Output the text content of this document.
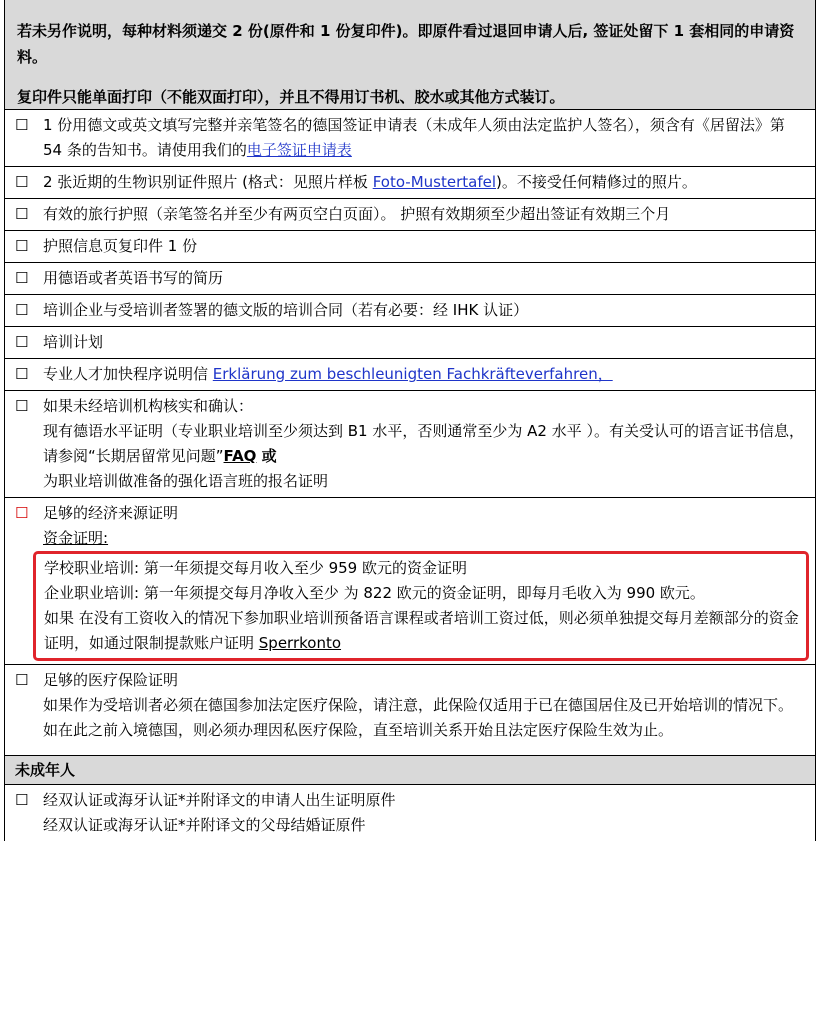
若未另作说明，每种材料须递交 2 份(原件和 1 份复印件)。即原件看过退回申请人后, 签证处留下 1 套相同的申请资料。

复印件只能单面打印（不能双面打印），并且不得用订书机、胶水或其他方式装订。

☐ 1 份用德文或英文填写完整并亲笔签名的德国签证申请表（未成年人须由法定监护人签名），须含有《居留法》第 54 条的告知书。请使用我们的电子签证申请表
☐ 2 张近期的生物识别证件照片 (格式：见照片样板 Foto-Mustertafel)。不接受任何精修过的照片。
☐ 有效的旅行护照（亲笔签名并至少有两页空白页面）。 护照有效期须至少超出签证有效期三个月
☐ 护照信息页复印件 1 份
☐ 用德语或者英语书写的简历
☐ 培训企业与受培训者签署的德文版的培训合同（若有必要：经 IHK 认证）
☐ 培训计划
☐ 专业人才加快程序说明信 Erklärung zum beschleunigten Fachkräfteverfahren，
☐ 如果未经培训机构核实和确认：
现有德语水平证明（专业职业培训至少须达到 B1 水平，否则通常至少为 A2 水平 ）。有关受认可的语言证书信息，请参阅“长期居留常见问题”FAQ 或
为职业培训做准备的强化语言班的报名证明
☐ 足够的经济来源证明
资金证明:
学校职业培训: 第一年须提交每月收入至少 959 欧元的资金证明
企业职业培训: 第一年须提交每月净收入至少 为 822 欧元的资金证明，即每月毛收入为 990 欧元。
如果 在没有工资收入的情况下参加职业培训预备语言课程或者培训工资过低，则必须单独提交每月差额部分的资金证明，如通过限制提款账户证明 Sperrkonto
☐ 足够的医疗保险证明
如果作为受培训者必须在德国参加法定医疗保险，请注意，此保险仅适用于已在德国居住及已开始培训的情况下。如在此之前入境德国，则必须办理因私医疗保险，直至培训关系开始且法定医疗保险生效为止。
未成年人
☐ 经双认证或海牙认证*并附译文的申请人出生证明原件
经双认证或海牙认证*并附译文的父母结婚证原件
